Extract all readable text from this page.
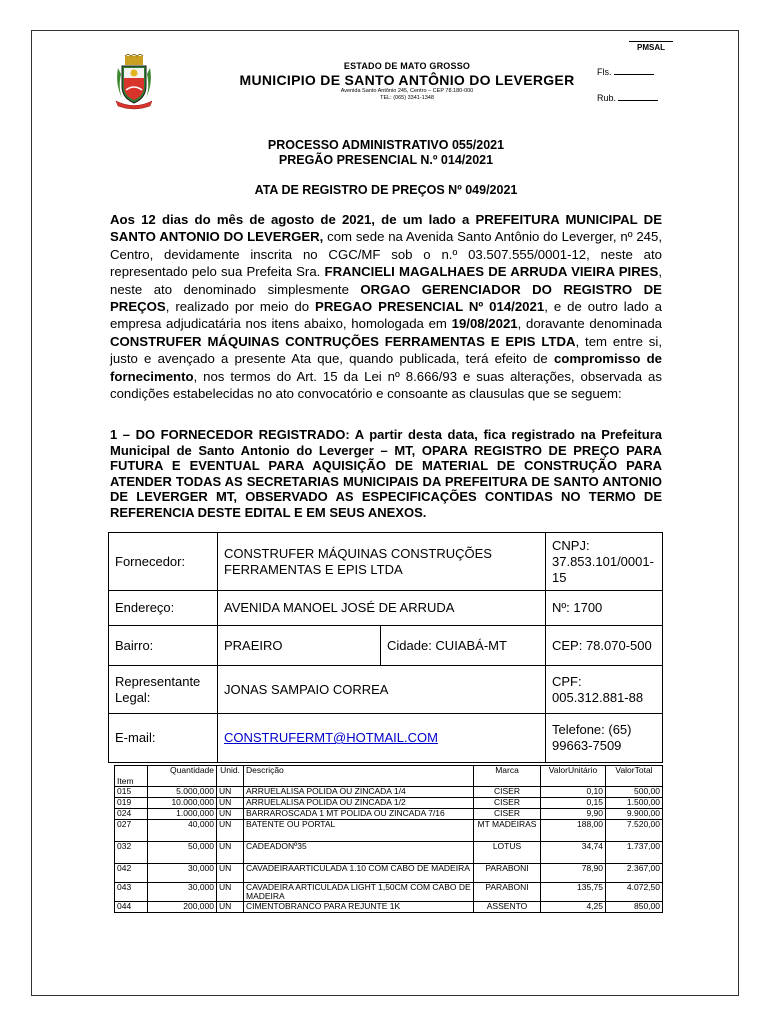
ESTADO DE MATO GROSSO
MUNICIPIO DE SANTO ANTÔNIO DO LEVERGER
Avenida Santo Antônio 245, Centro – CEP 78.180-000
TEL: (065) 3341-1348
PMSAL
Fls.
Rub.
PROCESSO ADMINISTRATIVO 055/2021
PREGÃO PRESENCIAL N.º 014/2021
ATA DE REGISTRO DE PREÇOS Nº 049/2021

Aos 12 dias do mês de agosto de 2021, de um lado a PREFEITURA MUNICIPAL DE SANTO ANTONIO DO LEVERGER, com sede na Avenida Santo Antônio do Leverger, nº 245, Centro, devidamente inscrita no CGC/MF sob o n.º 03.507.555/0001-12, neste ato representado pelo sua Prefeita Sra. FRANCIELI MAGALHAES DE ARRUDA VIEIRA PIRES, neste ato denominado simplesmente ORGAO GERENCIADOR DO REGISTRO DE PREÇOS, realizado por meio do PREGAO PRESENCIAL Nº 014/2021, e de outro lado a empresa adjudicatária nos itens abaixo, homologada em 19/08/2021, doravante denominada CONSTRUFER MÁQUINAS CONTRUÇÕES FERRAMENTAS E EPIS LTDA, tem entre si, justo e avençado a presente Ata que, quando publicada, terá efeito de compromisso de fornecimento, nos termos do Art. 15 da Lei nº 8.666/93 e suas alterações, observada as condições estabelecidas no ato convocatório e consoante as clausulas que se seguem:

1 – DO FORNECEDOR REGISTRADO: A partir desta data, fica registrado na Prefeitura Municipal de Santo Antonio do Leverger – MT, OPARA REGISTRO DE PREÇO PARA FUTURA E EVENTUAL PARA AQUISIÇÃO DE MATERIAL DE CONSTRUÇÃO PARA ATENDER TODAS AS SECRETARIAS MUNICIPAIS DA PREFEITURA DE SANTO ANTONIO DE LEVERGER MT, OBSERVADO AS ESPECIFICAÇÕES CONTIDAS NO TERMO DE REFERENCIA DESTE EDITAL E EM SEUS ANEXOS.
Fornecedor:	CONSTRUFER MÁQUINAS CONSTRUÇÕES FERRAMENTAS E EPIS LTDA		CNPJ: 37.853.101/0001-15
Endereço:	AVENIDA MANOEL JOSÉ DE ARRUDA		Nº: 1700
Bairro:	PRAEIRO	Cidade: CUIABÁ-MT	CEP: 78.070-500
Representante Legal:	JONAS SAMPAIO CORREA		CPF: 005.312.881-88
E-mail:	CONSTRUFERMT@HOTMAIL.COM		Telefone: (65) 99663-7509
Item	Quantidade	Unid.	Descrição	Marca	ValorUnitário	ValorTotal
015	5.000,000	UN	ARRUELALISA POLIDA OU ZINCADA 1/4	CISER	0,10	500,00
019	10.000,000	UN	ARRUELALISA POLIDA OU ZINCADA 1/2	CISER	0,15	1.500,00
024	1.000,000	UN	BARRAROSCADA 1 MT POLIDA OU ZINCADA 7/16	CISER	9,90	9.900,00
027	40,000	UN	BATENTE OU PORTAL	MT MADEIRAS	188,00	7.520,00
032	50,000	UN	CADEADONº35	LOTUS	34,74	1.737,00
042	30,000	UN	CAVADEIRAARTICULADA 1.10 COM CABO DE MADEIRA	PARABONI	78,90	2.367,00
043	30,000	UN	CAVADEIRA ARTICULADA LIGHT 1,50CM COM CABO DE MADEIRA	PARABONI	135,75	4.072,50
044	200,000	UN	CIMENTOBRANCO PARA REJUNTE 1K	ASSENTO	4,25	850,00
